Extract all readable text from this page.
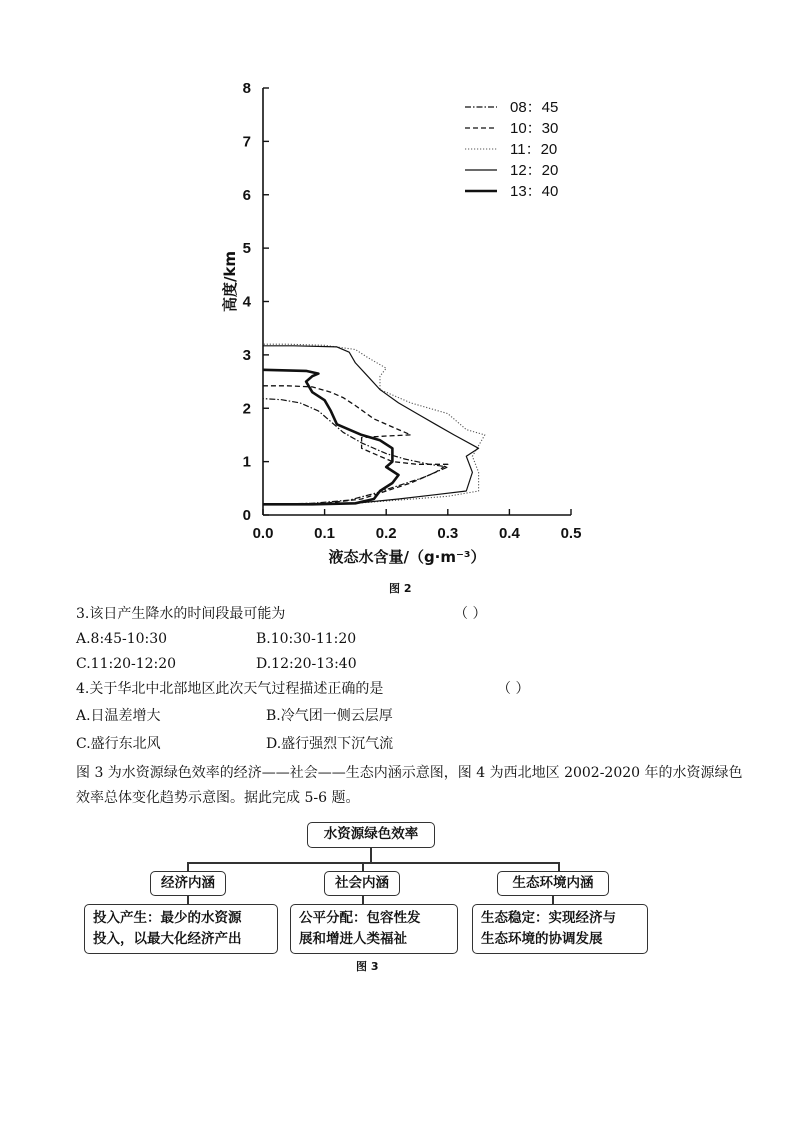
0
1
2
3
4
5
6
7
8
0.0	0.1	0.2	0.3	0.4	0.5
液态水含量/（g·m⁻³）
高度/km
08：45
10：30
11：20
12：20
13：40
图 2
3.该日产生降水的时间段最可能为	（ ）
A.8:45-10:30	B.10:30-11:20
C.11:20-12:20	D.12:20-13:40
4.关于华北中北部地区此次天气过程描述正确的是	（ ）
A.日温差增大	B.冷气团一侧云层厚
C.盛行东北风	D.盛行强烈下沉气流
图 3 为水资源绿色效率的经济——社会——生态内涵示意图，图 4 为西北地区 2002-2020 年的水资源绿色
效率总体变化趋势示意图。据此完成 5-6 题。
水资源绿色效率
经济内涵	社会内涵	生态环境内涵
投入产生：最少的水资源
投入，以最大化经济产出
公平分配：包容性发
展和增进人类福祉
生态稳定：实现经济与
生态环境的协调发展
图 3
